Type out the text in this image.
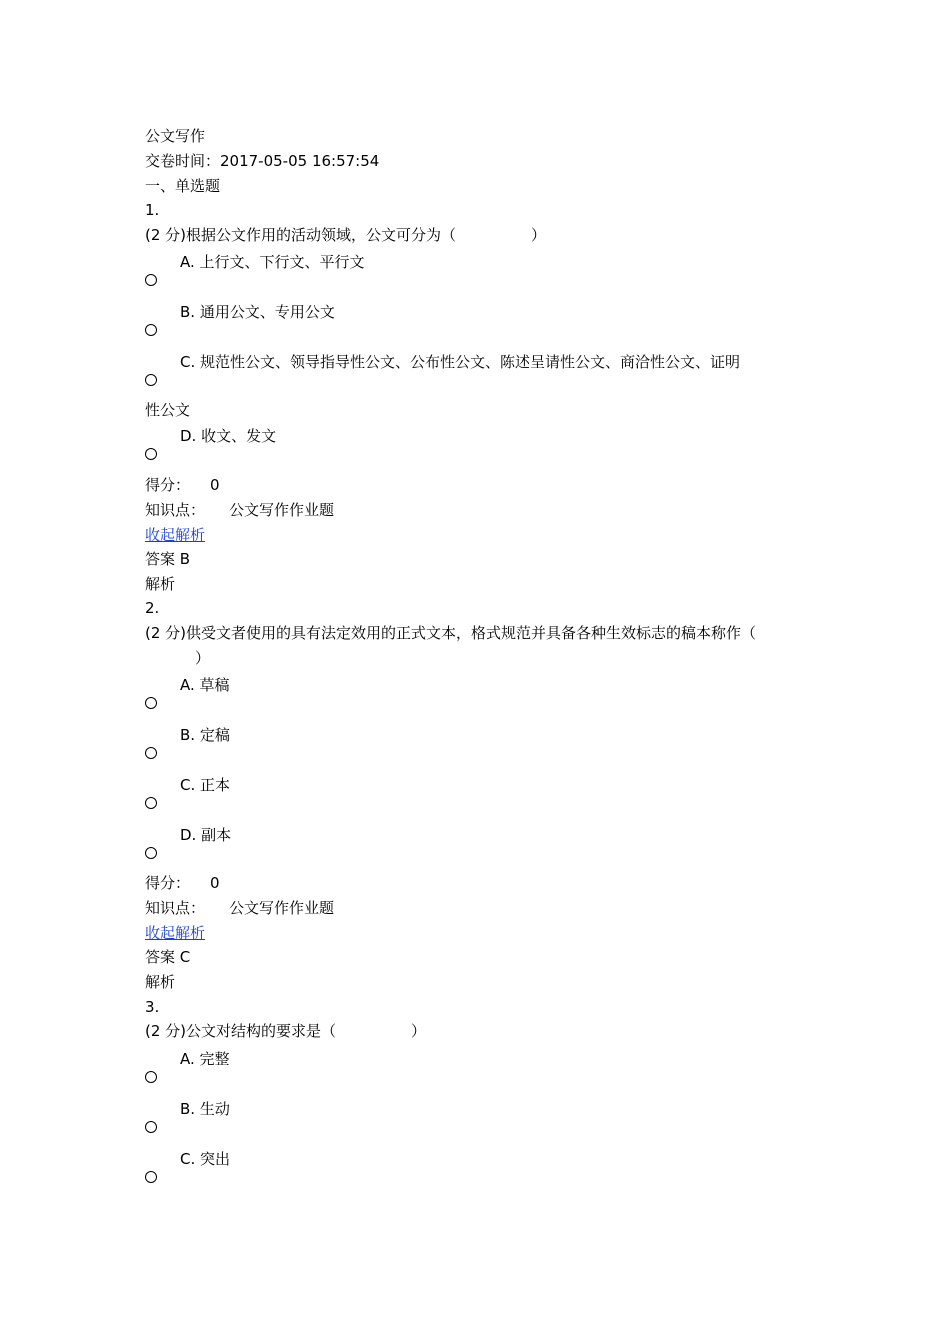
公文写作
交卷时间：2017-05-05 16:57:54
一、单选题
1.
(2 分)根据公文作用的活动领域，公文可分为（　　　　　）
A. 上行文、下行文、平行文
B. 通用公文、专用公文
C. 规范性公文、领导指导性公文、公布性公文、陈述呈请性公文、商洽性公文、证明
性公文
D. 收文、发文
得分： 0
知识点： 公文写作作业题
收起解析
答案 B
解析
2.
(2 分)供受文者使用的具有法定效用的正式文本，格式规范并具备各种生效标志的稿本称作（
）
A. 草稿
B. 定稿
C. 正本
D. 副本
得分： 0
知识点： 公文写作作业题
收起解析
答案 C
解析
3.
(2 分)公文对结构的要求是（　　　　　）
A. 完整
B. 生动
C. 突出
